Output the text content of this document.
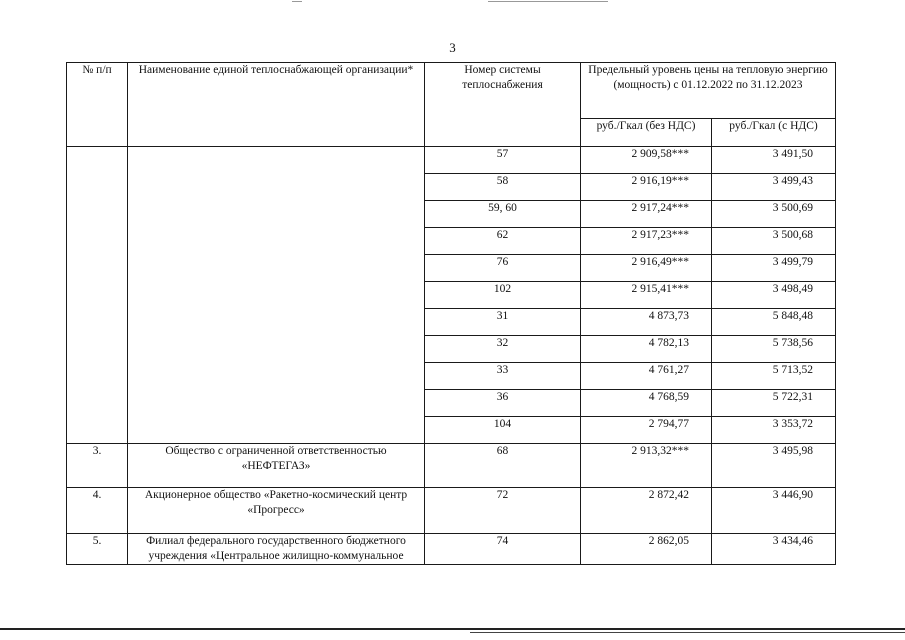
3
№ п/п	Наименование единой теплоснабжающей организации*	Номер системы теплоснабжения	Предельный уровень цены на тепловую энергию (мощность) с 01.12.2022 по 31.12.2023	
			руб./Гкал (без НДС)	руб./Гкал (с НДС)
		57	2 909,58***	3 491,50
		58	2 916,19***	3 499,43
		59, 60	2 917,24***	3 500,69
		62	2 917,23***	3 500,68
		76	2 916,49***	3 499,79
		102	2 915,41***	3 498,49
		31	4 873,73	5 848,48
		32	4 782,13	5 738,56
		33	4 761,27	5 713,52
		36	4 768,59	5 722,31
		104	2 794,77	3 353,72
3.	Общество с ограниченной ответственностью «НЕФТЕГАЗ»	68	2 913,32***	3 495,98
4.	Акционерное общество «Ракетно-космический центр «Прогресс»	72	2 872,42	3 446,90
5.	Филиал федерального государственного бюджетного учреждения «Центральное жилищно-коммунальное	74	2 862,05	3 434,46
